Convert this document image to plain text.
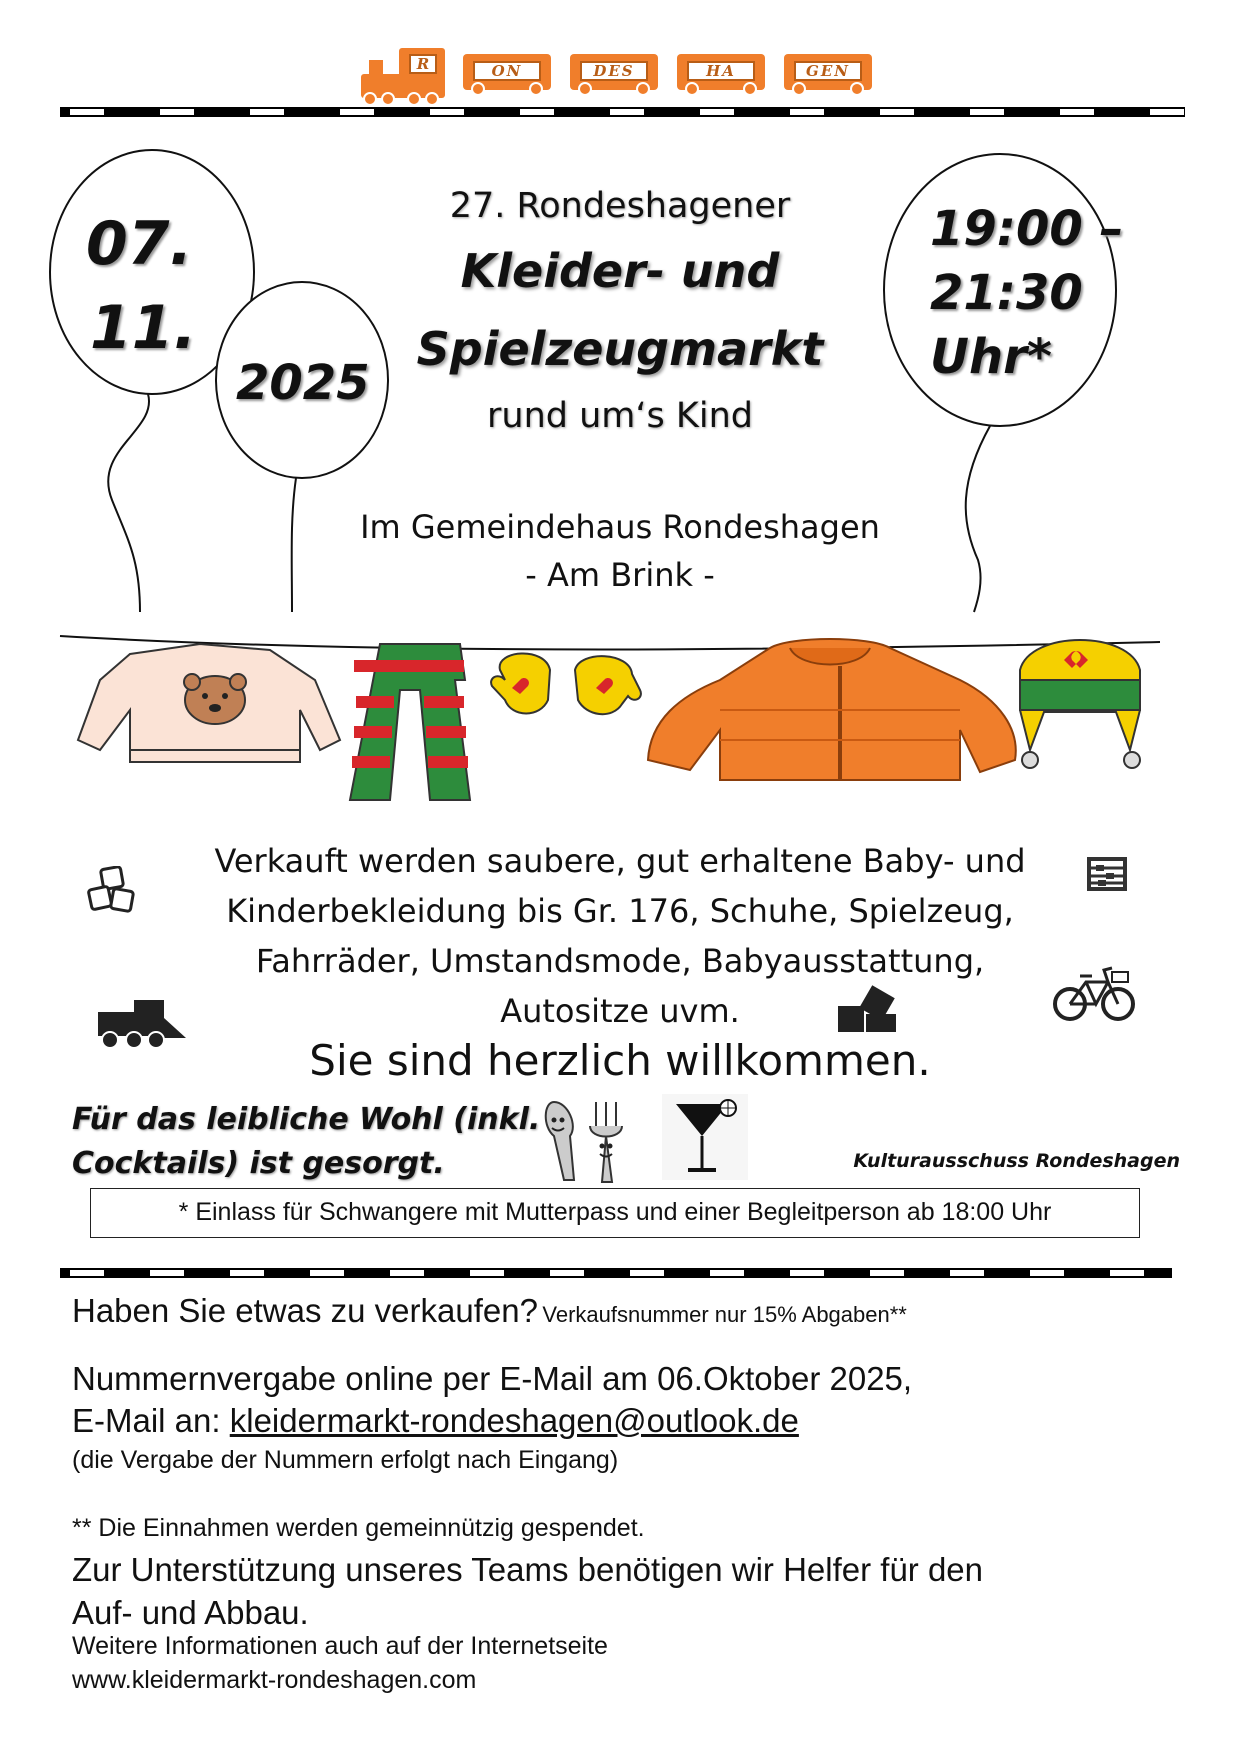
R	ON	DES	HA	GEN
07.
11.
2025
19:00 –
21:30
Uhr*
27. Rondeshagener
Kleider- und
Spielzeugmarkt
rund um‘s Kind
Im Gemeindehaus Rondeshagen
- Am Brink -
Verkauft werden saubere, gut erhaltene Baby- und
Kinderbekleidung bis Gr. 176, Schuhe, Spielzeug,
Fahrräder, Umstandsmode, Babyausstattung,
Autositze uvm.
Sie sind herzlich willkommen.
Für das leibliche Wohl (inkl.
Cocktails) ist gesorgt.	Kulturausschuss Rondeshagen
* Einlass für Schwangere mit Mutterpass und einer Begleitperson ab 18:00 Uhr
Haben Sie etwas zu verkaufen? Verkaufsnummer nur 15% Abgaben**
Nummernvergabe online per E-Mail am 06.Oktober 2025,
E-Mail an: kleidermarkt-rondeshagen@outlook.de
(die Vergabe der Nummern erfolgt nach Eingang)
** Die Einnahmen werden gemeinnützig gespendet.
Zur Unterstützung unseres Teams benötigen wir Helfer für den
Auf- und Abbau.
Weitere Informationen auch auf der Internetseite
www.kleidermarkt-rondeshagen.com
